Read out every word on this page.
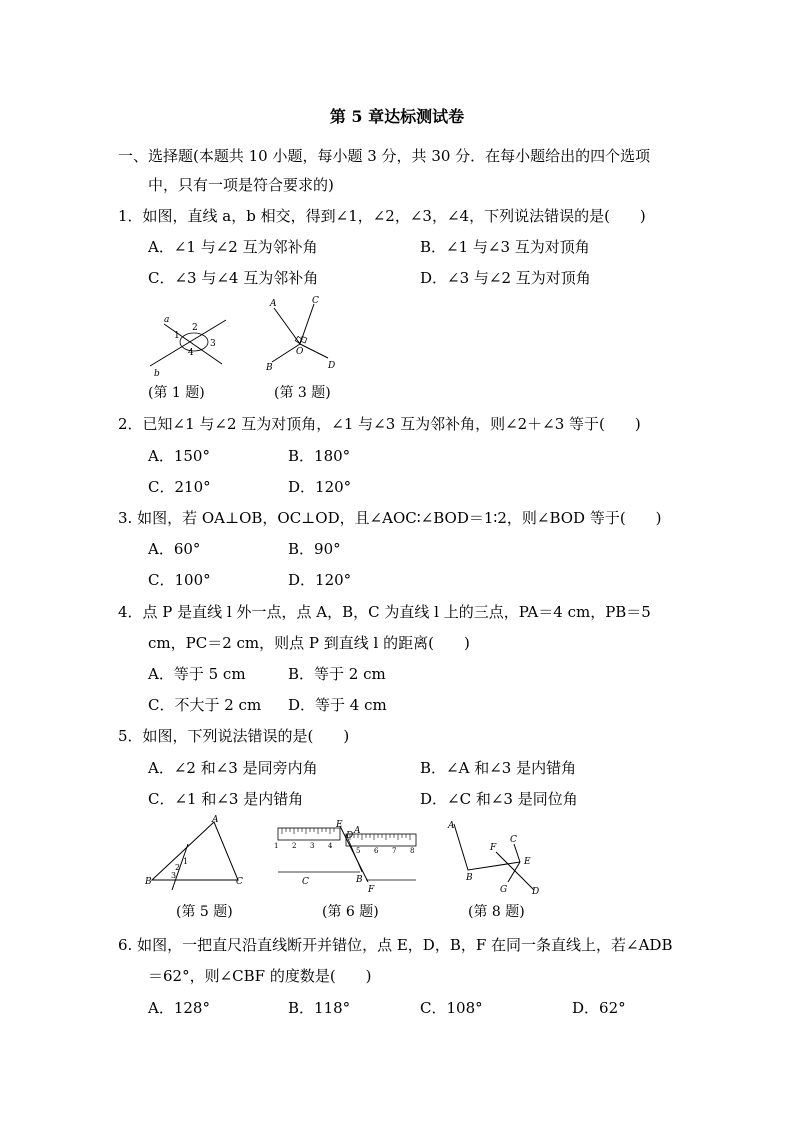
第 5 章达标测试卷
一、选择题(本题共 10 小题，每小题 3 分，共 30 分．在每小题给出的四个选项
中，只有一项是符合要求的)
1．如图，直线 a，b 相交，得到∠1，∠2，∠3，∠4，下列说法错误的是(　　)
A．∠1 与∠2 互为邻补角	B．∠1 与∠3 互为对顶角
C．∠3 与∠4 互为邻补角	D．∠3 与∠2 互为对顶角
a
b
1
2
3
4
(第 1 题)
A	C
O
B	D
(第 3 题)
2．已知∠1 与∠2 互为对顶角，∠1 与∠3 互为邻补角，则∠2＋∠3 等于(　　)
A．150°	B．180°
C．210°	D．120°
3. 如图，若 OA⊥OB，OC⊥OD，且∠AOC∶∠BOD＝1∶2，则∠BOD 等于(　　)
A．60°	B．90°
C．100°	D．120°
4．点 P 是直线 l 外一点，点 A，B，C 为直线 l 上的三点，PA＝4 cm，PB＝5
cm，PC＝2 cm，则点 P 到直线 l 的距离(　　)
A．等于 5 cm	B．等于 2 cm
C．不大于 2 cm D．等于 4 cm
5．如图，下列说法错误的是(　　)
A．∠2 和∠3 是同旁内角	B．∠A 和∠3 是内错角
C．∠1 和∠3 是内错角	D．∠C 和∠3 是同位角
A
B	C
1
2
3
(第 5 题)
E
A
D
C	B
F
1 2 3 4
5 6 7 8
(第 6 题)
A
B
F
C
E
G	D
(第 8 题)
6. 如图，一把直尺沿直线断开并错位，点 E，D，B，F 在同一条直线上，若∠ADB
＝62°，则∠CBF 的度数是(　　)
A．128°	B．118°	C．108°	D．62°
